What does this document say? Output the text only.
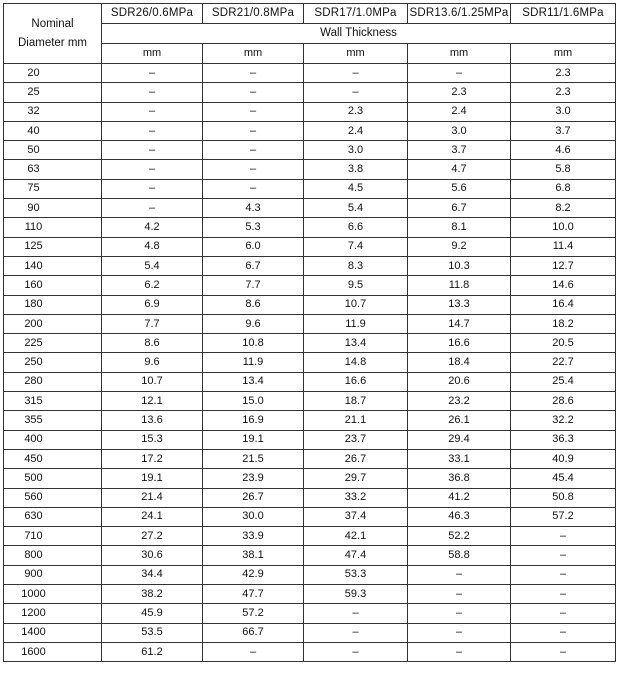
Nominal
Diameter mm	SDR26/0.6MPa	SDR21/0.8MPa	SDR17/1.0MPa	SDR13.6/1.25MPa	SDR11/1.6MPa
	Wall Thickness				
	mm	mm	mm	mm	mm
20	–	–	–	–	2.3
25	–	–	–	2.3	2.3
32	–	–	2.3	2.4	3.0
40	–	–	2.4	3.0	3.7
50	–	–	3.0	3.7	4.6
63	–	–	3.8	4.7	5.8
75	–	–	4.5	5.6	6.8
90	–	4.3	5.4	6.7	8.2
110	4.2	5.3	6.6	8.1	10.0
125	4.8	6.0	7.4	9.2	11.4
140	5.4	6.7	8.3	10.3	12.7
160	6.2	7.7	9.5	11.8	14.6
180	6.9	8.6	10.7	13.3	16.4
200	7.7	9.6	11.9	14.7	18.2
225	8.6	10.8	13.4	16.6	20.5
250	9.6	11.9	14.8	18.4	22.7
280	10.7	13.4	16.6	20.6	25.4
315	12.1	15.0	18.7	23.2	28.6
355	13.6	16.9	21.1	26.1	32.2
400	15.3	19.1	23.7	29.4	36.3
450	17.2	21.5	26.7	33.1	40.9
500	19.1	23.9	29.7	36.8	45.4
560	21.4	26.7	33.2	41.2	50.8
630	24.1	30.0	37.4	46.3	57.2
710	27.2	33.9	42.1	52.2	–
800	30.6	38.1	47.4	58.8	–
900	34.4	42.9	53.3	–	–
1000	38.2	47.7	59.3	–	–
1200	45.9	57.2	–	–	–
1400	53.5	66.7	–	–	–
1600	61.2	–	–	–	–
